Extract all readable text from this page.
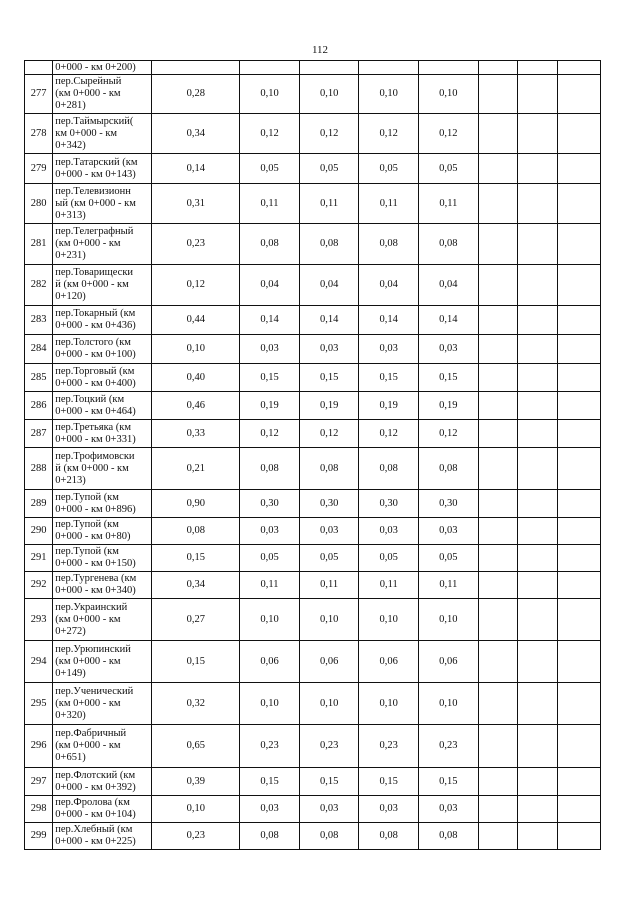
112
	0+000 - км 0+200)								
277	пер.Сырейный
(км 0+000 - км
0+281)	0,28	0,10	0,10	0,10	0,10			
278	пер.Таймырский(
км 0+000 - км
0+342)	0,34	0,12	0,12	0,12	0,12			
279	пер.Татарский (км
0+000 - км 0+143)	0,14	0,05	0,05	0,05	0,05			
280	пер.Телевизионн
ый (км 0+000 - км
0+313)	0,31	0,11	0,11	0,11	0,11			
281	пер.Телеграфный
(км 0+000 - км
0+231)	0,23	0,08	0,08	0,08	0,08			
282	пер.Товарищески
й (км 0+000 - км
0+120)	0,12	0,04	0,04	0,04	0,04			
283	пер.Токарный (км
0+000 - км 0+436)	0,44	0,14	0,14	0,14	0,14			
284	пер.Толстого (км
0+000 - км 0+100)	0,10	0,03	0,03	0,03	0,03			
285	пер.Торговый (км
0+000 - км 0+400)	0,40	0,15	0,15	0,15	0,15			
286	пер.Тоцкий (км
0+000 - км 0+464)	0,46	0,19	0,19	0,19	0,19			
287	пер.Третьяка (км
0+000 - км 0+331)	0,33	0,12	0,12	0,12	0,12			
288	пер.Трофимовски
й (км 0+000 - км
0+213)	0,21	0,08	0,08	0,08	0,08			
289	пер.Тупой (км
0+000 - км 0+896)	0,90	0,30	0,30	0,30	0,30			
290	пер.Тупой (км
0+000 - км 0+80)	0,08	0,03	0,03	0,03	0,03			
291	пер.Тупой (км
0+000 - км 0+150)	0,15	0,05	0,05	0,05	0,05			
292	пер.Тургенева (км
0+000 - км 0+340)	0,34	0,11	0,11	0,11	0,11			
293	пер.Украинский
(км 0+000 - км
0+272)	0,27	0,10	0,10	0,10	0,10			
294	пер.Урюпинский
(км 0+000 - км
0+149)	0,15	0,06	0,06	0,06	0,06			
295	пер.Ученический
(км 0+000 - км
0+320)	0,32	0,10	0,10	0,10	0,10			
296	пер.Фабричный
(км 0+000 - км
0+651)	0,65	0,23	0,23	0,23	0,23			
297	пер.Флотский (км
0+000 - км 0+392)	0,39	0,15	0,15	0,15	0,15			
298	пер.Фролова (км
0+000 - км 0+104)	0,10	0,03	0,03	0,03	0,03			
299	пер.Хлебный (км
0+000 - км 0+225)	0,23	0,08	0,08	0,08	0,08			
